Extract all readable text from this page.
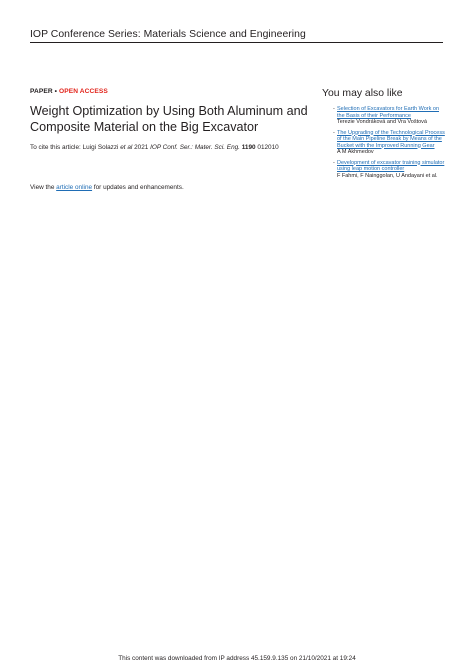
IOP Conference Series: Materials Science and Engineering
PAPER • OPEN ACCESS
Weight Optimization by Using Both Aluminum and Composite Material on the Big Excavator
To cite this article: Luigi Solazzi et al 2021 IOP Conf. Ser.: Mater. Sci. Eng. 1190 012010
View the article online for updates and enhancements.
You may also like
- Selection of Excavators for Earth Work on the Basis of their Performance
Terezie Vondráková and Vra Voštová
- The Upgrading of the Technological Process of the Main Pipeline Break by Means of the Bucket with the Improved Running Gear
A M Akhmedov
- Development of excavator training simulator using leap motion controller
F Fahmi, F Nainggolan, U Andayani et al.
This content was downloaded from IP address 45.159.9.135 on 21/10/2021 at 19:24
